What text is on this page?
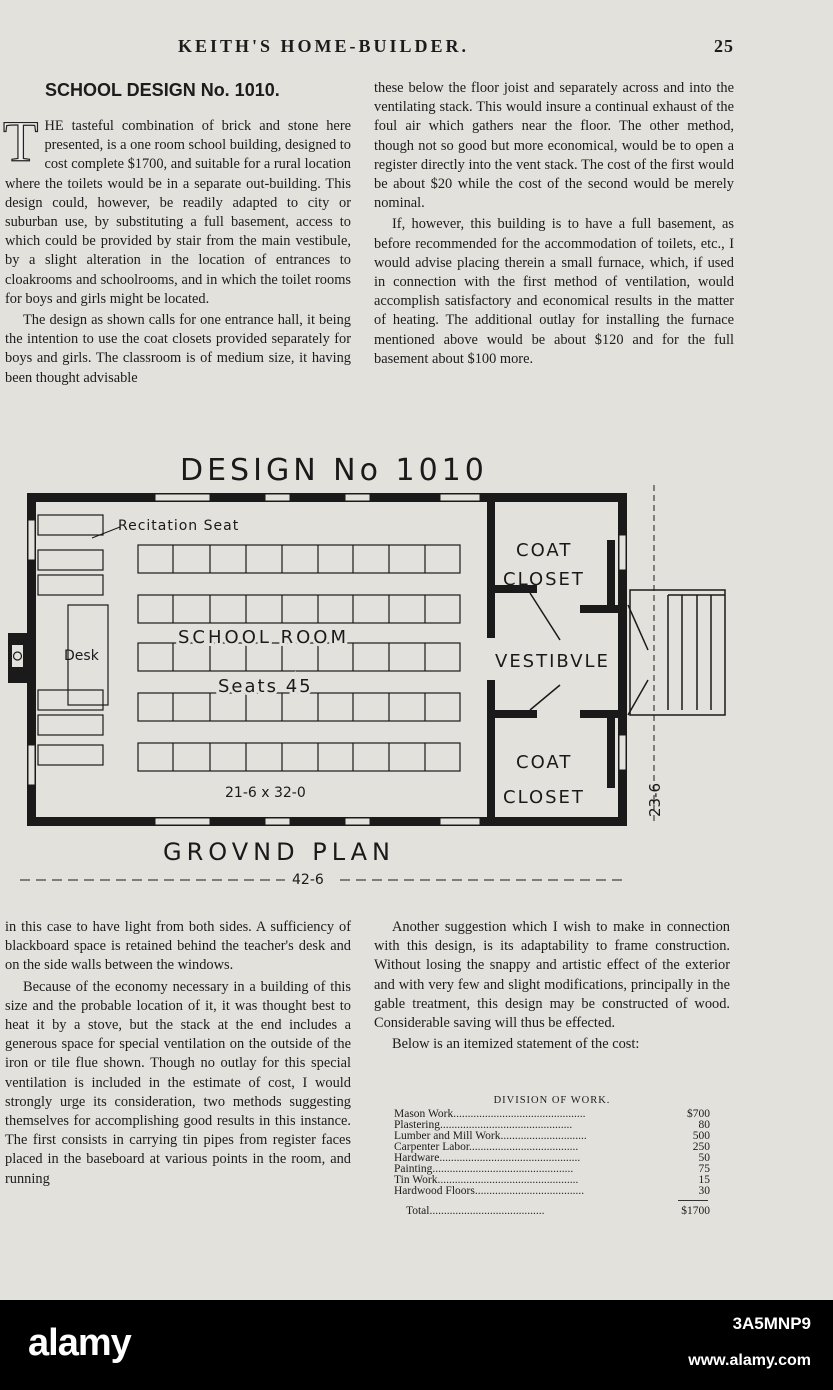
KEITH'S HOME-BUILDER.	25
SCHOOL DESIGN No. 1010.

T HE tasteful combination of brick and stone here presented, is a one room school building, designed to cost complete $1700, and suitable for a rural location where the toilets would be in a separate out-building. This design could, however, be readily adapted to city or suburban use, by substituting a full basement, access to which could be provided by stair from the main vestibule, by a slight alteration in the location of entrances to cloakrooms and schoolrooms, and in which the toilet rooms for boys and girls might be located.

The design as shown calls for one entrance hall, it being the intention to use the coat closets provided separately for boys and girls. The classroom is of medium size, it having been thought advisable

these below the floor joist and separately across and into the ventilating stack. This would insure a continual exhaust of the foul air which gathers near the floor. The other method, though not so good but more economical, would be to open a register directly into the vent stack. The cost of the first would be about $20 while the cost of the second would be merely nominal.

If, however, this building is to have a full basement, as before recommended for the accommodation of toilets, etc., I would advise placing therein a small furnace, which, if used in connection with the first method of ventilation, would accomplish satisfactory and economical results in the matter of heating. The additional outlay for installing the furnace mentioned above would be about $120 and for the full basement about $100 more.

DESIGN No 1010
Recitation Seat
Desk
SCHOOL ROOM
Seats 45
21-6 x 32-0
COAT
CLOSET
VESTIBVLE
COAT
CLOSET	23-6
GROVND PLAN
42-6

in this case to have light from both sides. A sufficiency of blackboard space is retained behind the teacher's desk and on the side walls between the windows.

Because of the economy necessary in a building of this size and the probable location of it, it was thought best to heat it by a stove, but the stack at the end includes a generous space for special ventilation on the outside of the iron or tile flue shown. Though no outlay for this special ventilation is included in the estimate of cost, I would strongly urge its consideration, two methods suggesting themselves for accomplishing good results in this instance. The first consists in carrying tin pipes from register faces placed in the baseboard at various points in the room, and running

Another suggestion which I wish to make in connection with this design, is its adaptability to frame construction. Without losing the snappy and artistic effect of the exterior and with very few and slight modifications, principally in the gable treatment, this design may be constructed of wood. Considerable saving will thus be effected.

Below is an itemized statement of the cost:

DIVISION OF WORK.
Mason Work..............................................	$700
Plastering..............................................	80
Lumber and Mill Work..............................	500
Carpenter Labor......................................	250
Hardware.................................................	50
Painting.................................................	75
Tin Work.................................................	15
Hardwood Floors......................................	30
Total........................................	$1700
alamy	3A5MNP9
www.alamy.com
